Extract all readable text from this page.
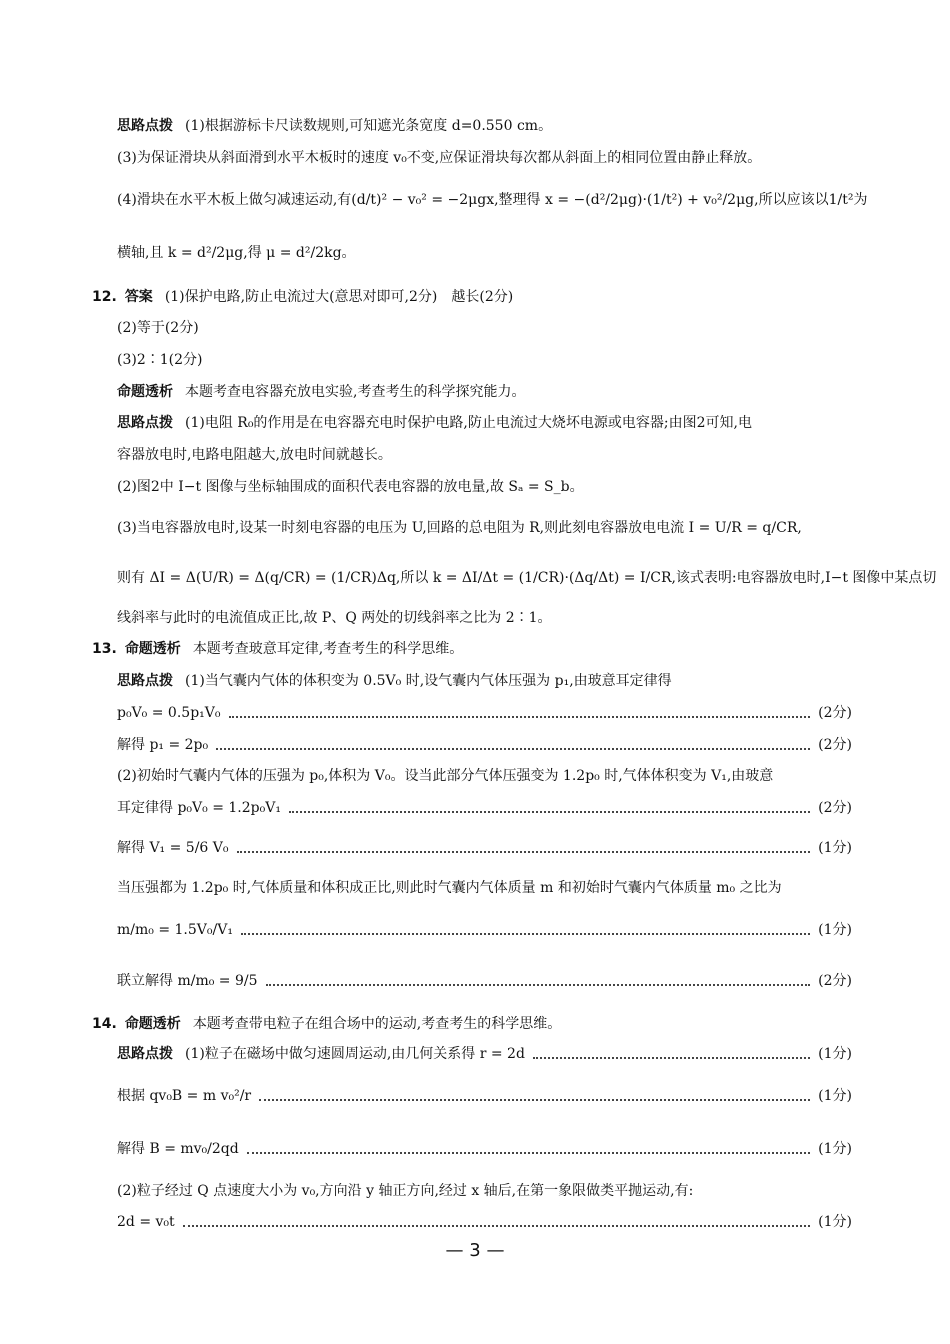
思路点拨 (1)根据游标卡尺读数规则,可知遮光条宽度 d=0.550 cm。
(3)为保证滑块从斜面滑到水平木板时的速度 v₀不变,应保证滑块每次都从斜面上的相同位置由静止释放。
(4)滑块在水平木板上做匀减速运动,有(d/t)² − v₀² = −2μgx,整理得 x = −(d²/2μg)·(1/t²) + v₀²/2μg,所以应该以1/t²为
横轴,且 k = d²/2μg,得 μ = d²/2kg。
12. 答案 (1)保护电路,防止电流过大(意思对即可,2分)　越长(2分)
(2)等于(2分)
(3)2∶1(2分)
命题透析 本题考查电容器充放电实验,考查考生的科学探究能力。
思路点拨 (1)电阻 R₀的作用是在电容器充电时保护电路,防止电流过大烧坏电源或电容器;由图2可知,电
容器放电时,电路电阻越大,放电时间就越长。
(2)图2中 I−t 图像与坐标轴围成的面积代表电容器的放电量,故 Sₐ = S_b。
(3)当电容器放电时,设某一时刻电容器的电压为 U,回路的总电阻为 R,则此刻电容器放电电流 I = U/R = q/CR,
则有 ΔI = Δ(U/R) = Δ(q/CR) = (1/CR)Δq,所以 k = ΔI/Δt = (1/CR)·(Δq/Δt) = I/CR,该式表明:电容器放电时,I−t 图像中某点切
线斜率与此时的电流值成正比,故 P、Q 两处的切线斜率之比为 2∶1。
13. 命题透析 本题考查玻意耳定律,考查考生的科学思维。
思路点拨 (1)当气囊内气体的体积变为 0.5V₀ 时,设气囊内气体压强为 p₁,由玻意耳定律得
p₀V₀ = 0.5p₁V₀	(2分)
解得 p₁ = 2p₀	(2分)
(2)初始时气囊内气体的压强为 p₀,体积为 V₀。设当此部分气体压强变为 1.2p₀ 时,气体体积变为 V₁,由玻意
耳定律得 p₀V₀ = 1.2p₀V₁	(2分)
解得 V₁ = 5/6 V₀	(1分)
当压强都为 1.2p₀ 时,气体质量和体积成正比,则此时气囊内气体质量 m 和初始时气囊内气体质量 m₀ 之比为
m/m₀ = 1.5V₀/V₁	(1分)
联立解得 m/m₀ = 9/5	(2分)
14. 命题透析 本题考查带电粒子在组合场中的运动,考查考生的科学思维。
思路点拨 (1)粒子在磁场中做匀速圆周运动,由几何关系得 r = 2d	(1分)
根据 qv₀B = m v₀²/r	(1分)
解得 B = mv₀/2qd	(1分)
(2)粒子经过 Q 点速度大小为 v₀,方向沿 y 轴正方向,经过 x 轴后,在第一象限做类平抛运动,有:
2d = v₀t	(1分)
— 3 —
